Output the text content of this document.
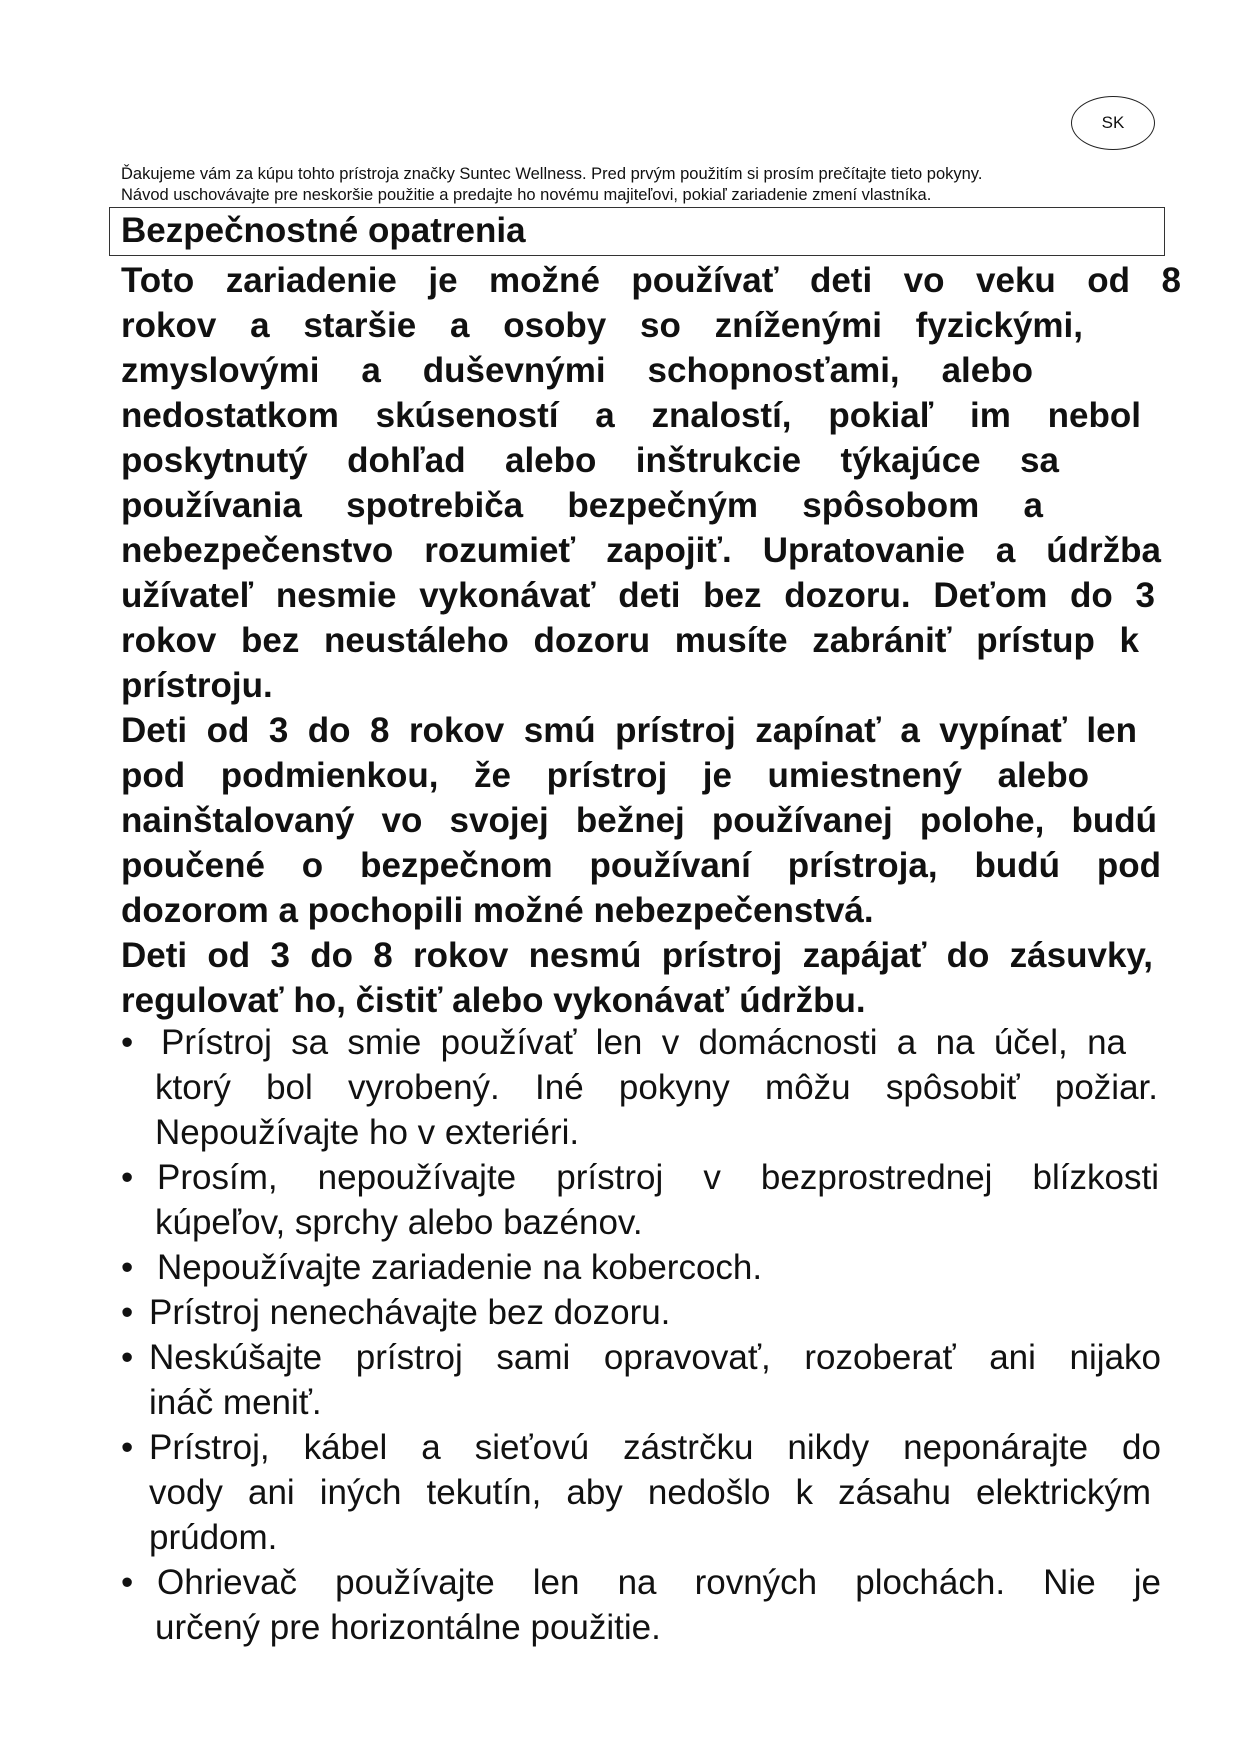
SK
Ďakujeme vám za kúpu tohto prístroja značky Suntec Wellness. Pred prvým použitím si prosím prečítajte tieto pokyny.
Návod uschovávajte pre neskoršie použitie a predajte ho novému majiteľovi, pokiaľ zariadenie zmení vlastníka.
Bezpečnostné opatrenia
Toto zariadenie je možné používať deti vo veku od 8
rokov a staršie a osoby so zníženými fyzickými,
zmyslovými a duševnými schopnosťami, alebo
nedostatkom skúseností a znalostí, pokiaľ im nebol
poskytnutý dohľad alebo inštrukcie týkajúce sa
používania spotrebiča bezpečným spôsobom a
nebezpečenstvo rozumieť zapojiť. Upratovanie a údržba
užívateľ nesmie vykonávať deti bez dozoru. Deťom do 3
rokov bez neustáleho dozoru musíte zabrániť prístup k
prístroju.
Deti od 3 do 8 rokov smú prístroj zapínať a vypínať len
pod podmienkou, že prístroj je umiestnený alebo
nainštalovaný vo svojej bežnej používanej polohe, budú
poučené o bezpečnom používaní prístroja, budú pod
dozorom a pochopili možné nebezpečenstvá.
Deti od 3 do 8 rokov nesmú prístroj zapájať do zásuvky,
regulovať ho, čistiť alebo vykonávať údržbu.
• Prístroj sa smie používať len v domácnosti a na účel, na
ktorý bol vyrobený. Iné pokyny môžu spôsobiť požiar.
Nepoužívajte ho v exteriéri.
• Prosím, nepoužívajte prístroj v bezprostrednej blízkosti
kúpeľov, sprchy alebo bazénov.
• Nepoužívajte zariadenie na kobercoch.
• Prístroj nenechávajte bez dozoru.
• Neskúšajte prístroj sami opravovať, rozoberať ani nijako
ináč meniť.
• Prístroj, kábel a sieťovú zástrčku nikdy neponárajte do
vody ani iných tekutín, aby nedošlo k zásahu elektrickým
prúdom.
• Ohrievač používajte len na rovných plochách. Nie je
určený pre horizontálne použitie.
